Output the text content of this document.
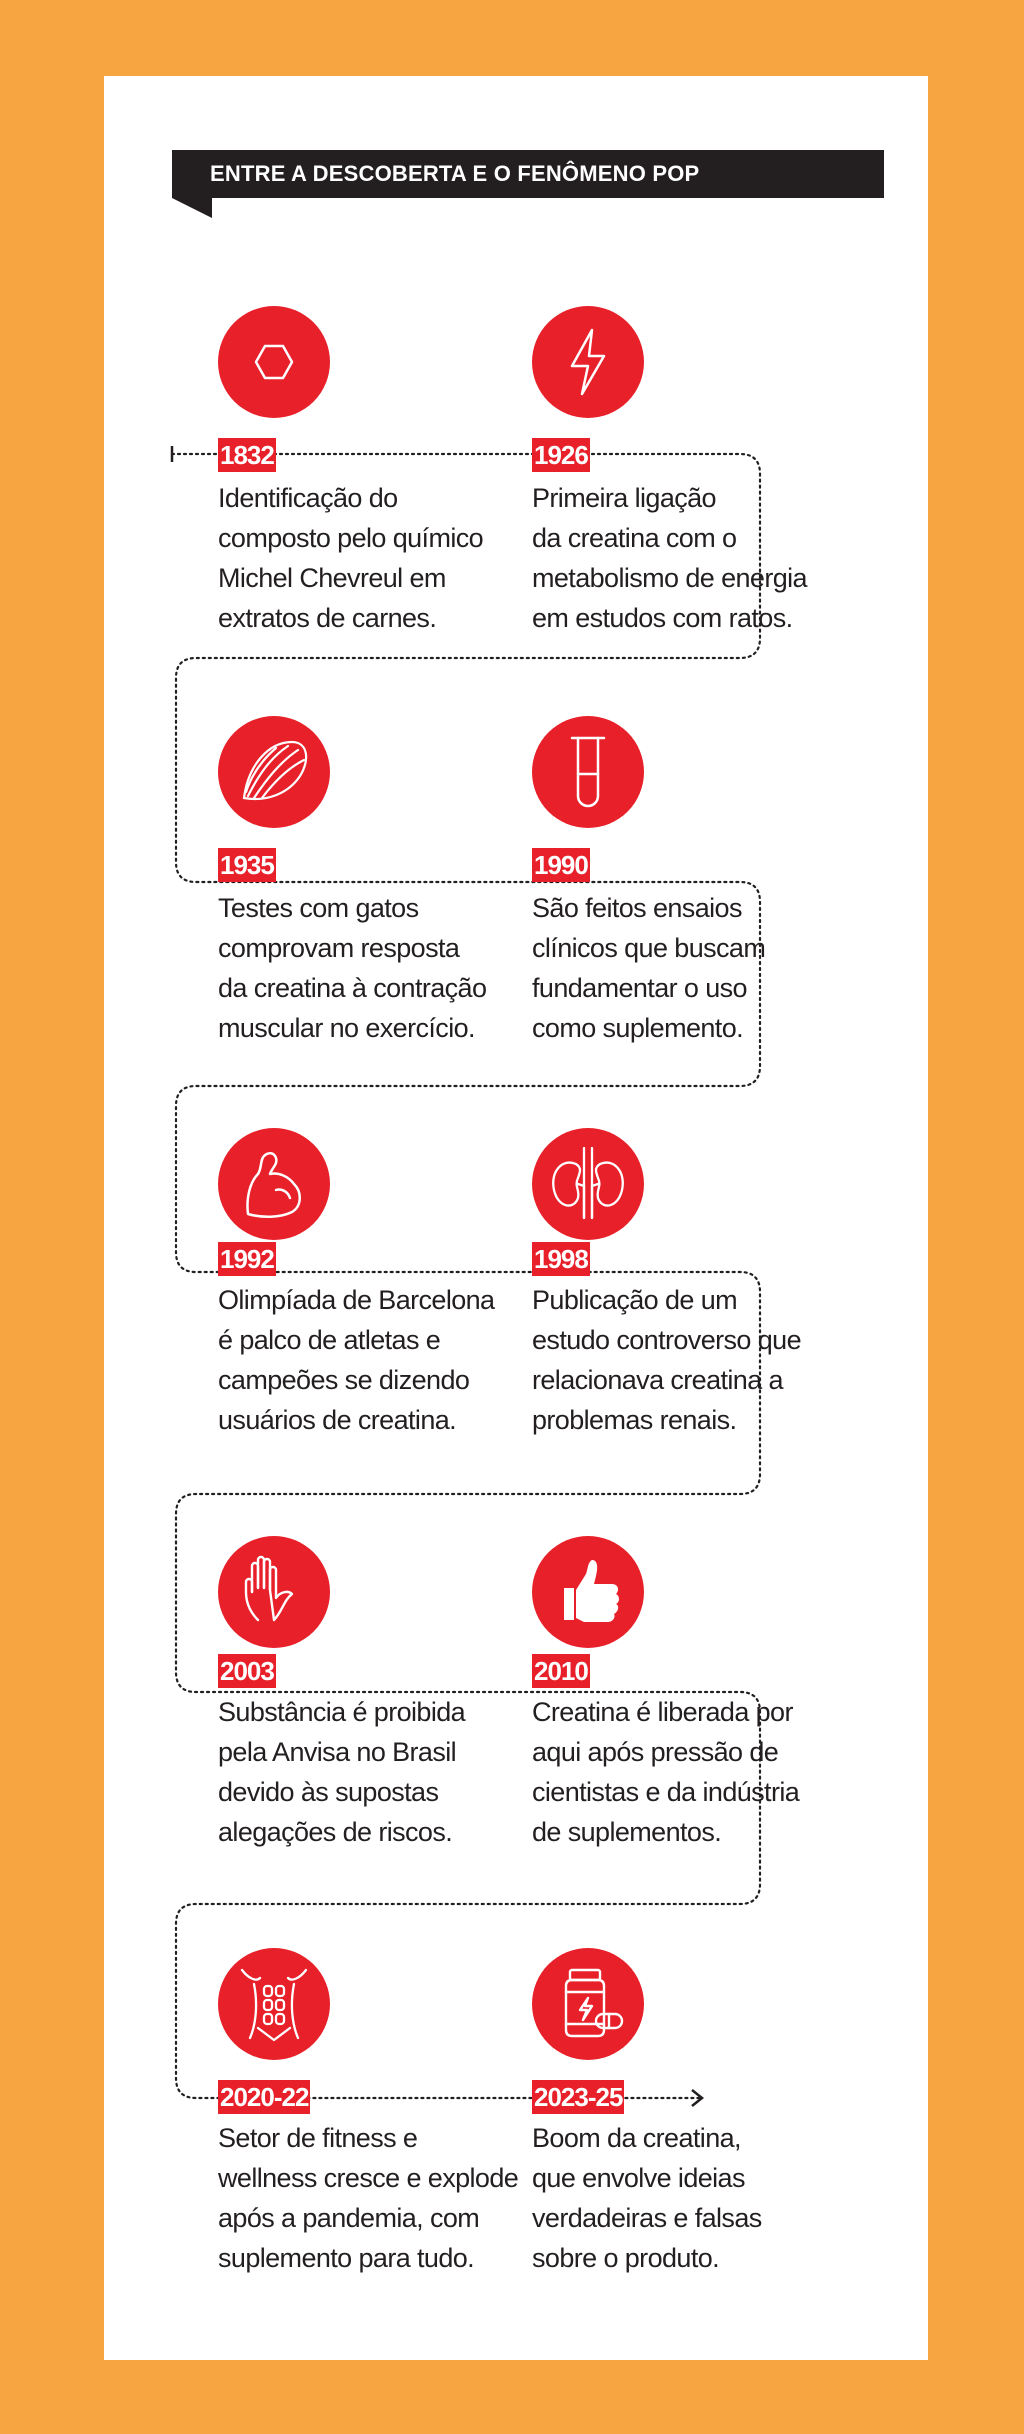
ENTRE A DESCOBERTA E O FENÔMENO POP
1832
Identificação do
composto pelo químico
Michel Chevreul em
extratos de carnes.
1926
Primeira ligação
da creatina com o
metabolismo de energia
em estudos com ratos.
1935
Testes com gatos
comprovam resposta
da creatina à contração
muscular no exercício.
1990
São feitos ensaios
clínicos que buscam
fundamentar o uso
como suplemento.
1992
Olimpíada de Barcelona
é palco de atletas e
campeões se dizendo
usuários de creatina.
1998
Publicação de um
estudo controverso que
relacionava creatina a
problemas renais.
2003
Substância é proibida
pela Anvisa no Brasil
devido às supostas
alegações de riscos.
2010
Creatina é liberada por
aqui após pressão de
cientistas e da indústria
de suplementos.
2020-22
Setor de fitness e
wellness cresce e explode
após a pandemia, com
suplemento para tudo.
2023-25
Boom da creatina,
que envolve ideias
verdadeiras e falsas
sobre o produto.
